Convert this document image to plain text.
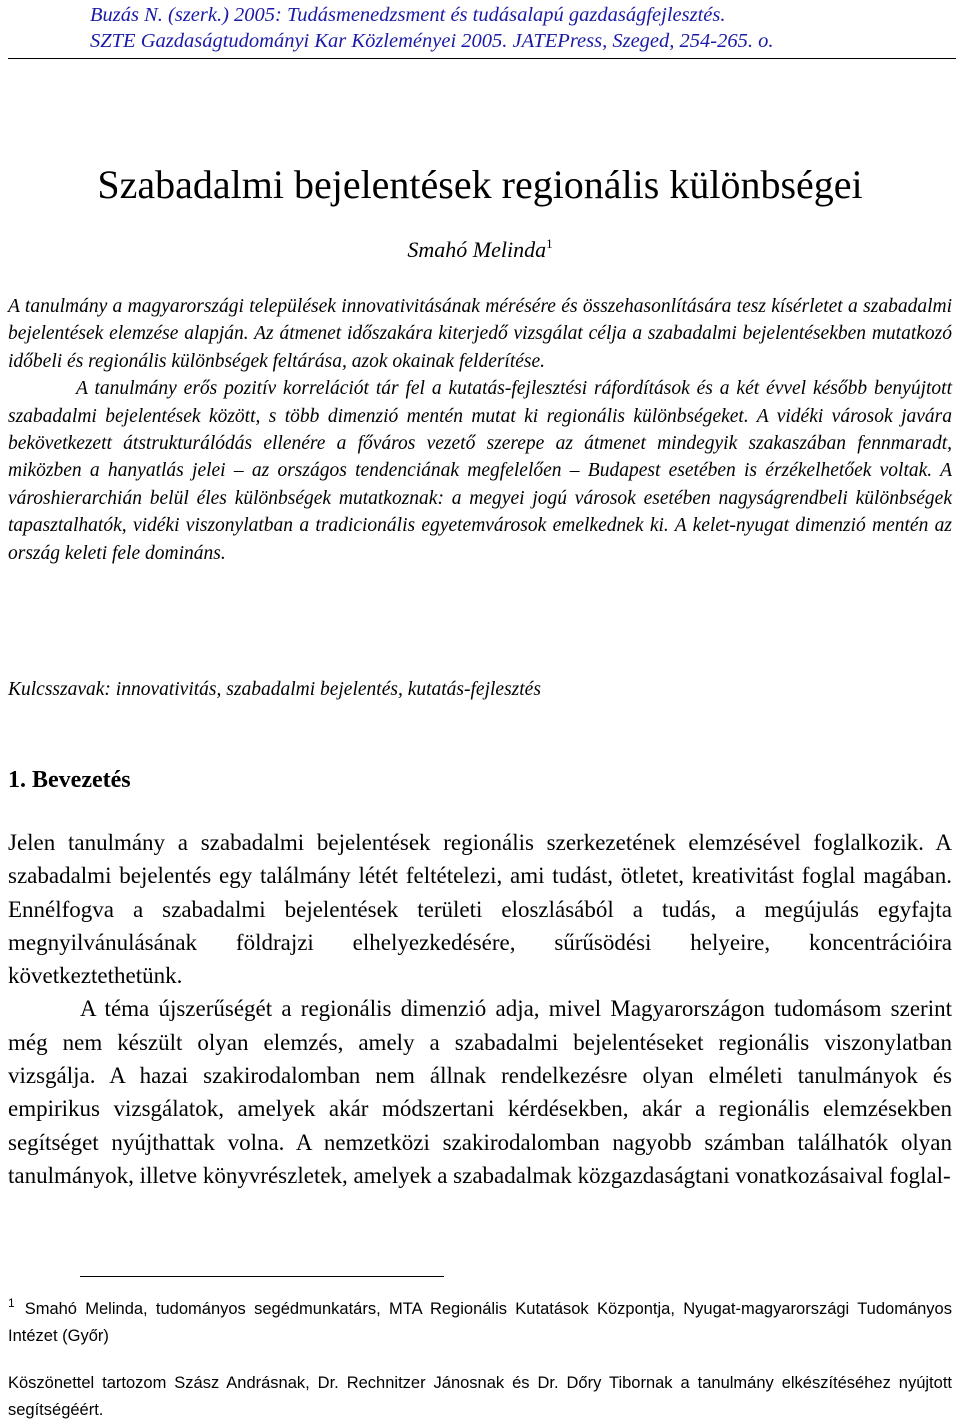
Buzás N. (szerk.) 2005: Tudásmenedzsment és tudásalapú gazdaságfejlesztés.
SZTE Gazdaságtudományi Kar Közleményei 2005. JATEPress, Szeged, 254-265. o.
Szabadalmi bejelentések regionális különbségei
Smahó Melinda$^1$

A tanulmány a magyarországi települések innovativitásának mérésére és összehasonlítására tesz kísérletet a szabadalmi bejelentések elemzése alapján. Az átmenet időszakára kiterjedő vizsgálat célja a szabadalmi bejelentésekben mutatkozó időbeli és regionális különbségek feltárása, azok okainak felderítése.

A tanulmány erős pozitív korrelációt tár fel a kutatás-fejlesztési ráfordítások és a két évvel később benyújtott szabadalmi bejelentések között, s több dimenzió mentén mutat ki regionális különbségeket. A vidéki városok javára bekövetkezett átstrukturálódás ellenére a főváros vezető szerepe az átmenet mindegyik szakaszában fennmaradt, miközben a hanyatlás jelei – az országos tendenciának megfelelően – Budapest esetében is érzékelhetőek voltak. A városhierarchián belül éles különbségek mutatkoznak: a megyei jogú városok esetében nagyságrendbeli különbségek tapasztalhatók, vidéki viszonylatban a tradicionális egyetemvárosok emelkednek ki. A kelet-nyugat dimenzió mentén az ország keleti fele domináns.

Kulcsszavak: innovativitás, szabadalmi bejelentés, kutatás-fejlesztés
1. Bevezetés

Jelen tanulmány a szabadalmi bejelentések regionális szerkezetének elemzésével foglalkozik. A szabadalmi bejelentés egy találmány létét feltételezi, ami tudást, ötletet, kreativitást foglal magában. Ennélfogva a szabadalmi bejelentések területi eloszlásából a tudás, a megújulás egyfajta megnyilvánulásának földrajzi elhelyezkedésére, sűrűsödési helyeire, koncentrációira következtethetünk.

A téma újszerűségét a regionális dimenzió adja, mivel Magyarországon tudomásom szerint még nem készült olyan elemzés, amely a szabadalmi bejelentéseket regionális viszonylatban vizsgálja. A hazai szakirodalomban nem állnak rendelkezésre olyan elméleti tanulmányok és empirikus vizsgálatok, amelyek akár módszertani kérdésekben, akár a regionális elemzésekben segítséget nyújthattak volna. A nemzetközi szakirodalomban nagyobb számban találhatók olyan tanulmányok, illetve könyvrészletek, amelyek a szabadalmak közgazdaságtani vonatkozásaival foglal-

$^1$ Smahó Melinda, tudományos segédmunkatárs, MTA Regionális Kutatások Központja, Nyugat-magyarországi Tudományos Intézet (Győr)
Köszönettel tartozom Szász Andrásnak, Dr. Rechnitzer Jánosnak és Dr. Dőry Tibornak a tanulmány elkészítéséhez nyújtott segítségéért.
